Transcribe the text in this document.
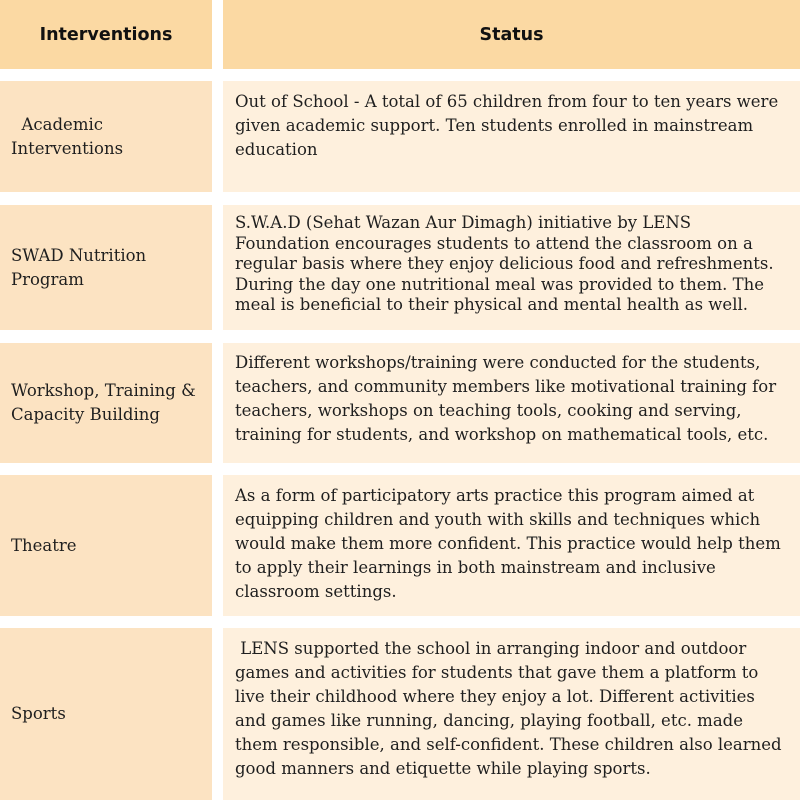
Interventions	Status
Academic
Interventions
Out of School - A total of 65 children from four to ten years were given academic support. Ten students enrolled in mainstream education
SWAD Nutrition Program
S.W.A.D (Sehat Wazan Aur Dimagh) initiative by LENS Foundation encourages students to attend the classroom on a regular basis where they enjoy delicious food and refreshments. During the day one nutritional meal was provided to them. The meal is beneficial to their physical and mental health as well.
Workshop, Training & Capacity Building
Different workshops/training were conducted for the students, teachers, and community members like motivational training for teachers, workshops on teaching tools, cooking and serving, training for students, and workshop on mathematical tools, etc.
Theatre
As a form of participatory arts practice this program aimed at equipping children and youth with skills and techniques which would make them more confident. This practice would help them to apply their learnings in both mainstream and inclusive classroom settings.
Sports
LENS supported the school in arranging indoor and outdoor games and activities for students that gave them a platform to live their childhood where they enjoy a lot. Different activities and games like running, dancing, playing football, etc. made them responsible, and self-confident. These children also learned good manners and etiquette while playing sports.
